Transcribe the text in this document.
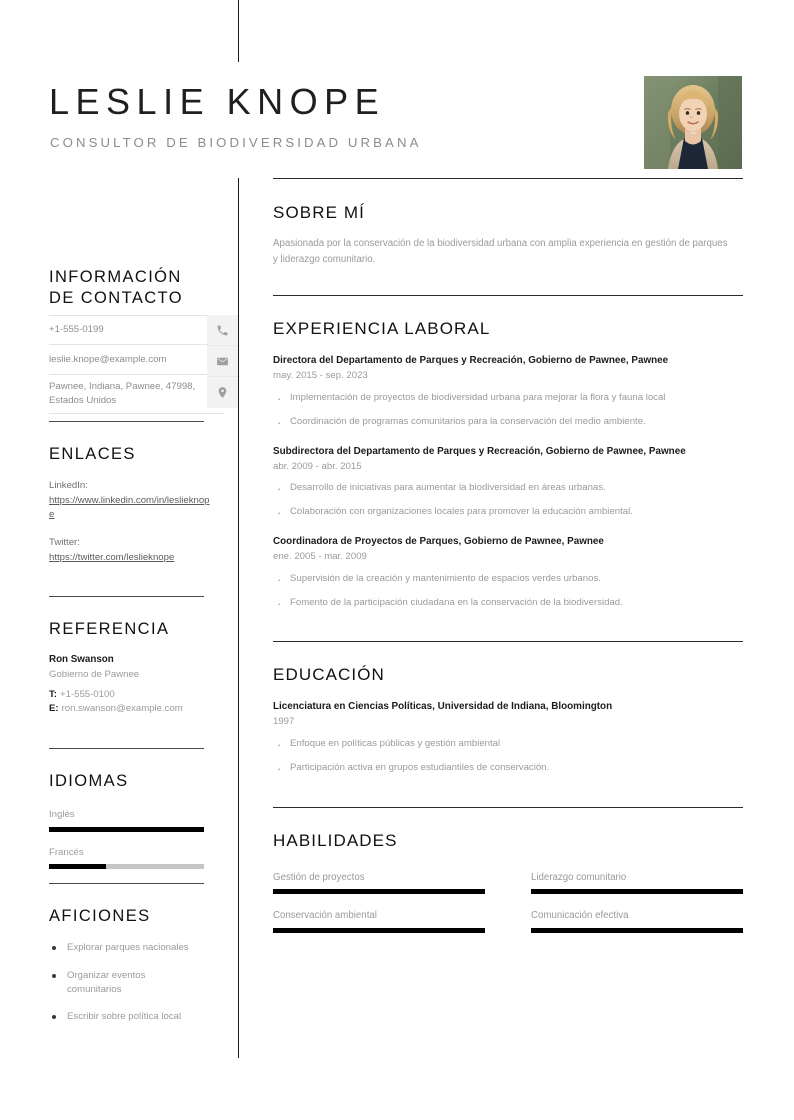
LESLIE KNOPE
CONSULTOR DE BIODIVERSIDAD URBANA
INFORMACIÓN
DE CONTACTO
+1-555-0199
leslie.knope@example.com
Pawnee, Indiana, Pawnee, 47998, Estados Unidos
ENLACES
LinkedIn:
https://www.linkedin.com/in/leslieknope
Twitter:
https://twitter.com/leslieknope
REFERENCIA
Ron Swanson
Gobierno de Pawnee
T: +1-555-0100
E: ron.swanson@example.com
IDIOMAS
Inglés
Francés
AFICIONES
Explorar parques nacionales
Organizar eventos comunitarios
Escribir sobre política local
SOBRE MÍ
Apasionada por la conservación de la biodiversidad urbana con amplia experiencia en gestión de parques y liderazgo comunitario.
EXPERIENCIA LABORAL
Directora del Departamento de Parques y Recreación, Gobierno de Pawnee, Pawnee
may. 2015 - sep. 2023
· Implementación de proyectos de biodiversidad urbana para mejorar la flora y fauna local
· Coordinación de programas comunitarios para la conservación del medio ambiente.
Subdirectora del Departamento de Parques y Recreación, Gobierno de Pawnee, Pawnee
abr. 2009 - abr. 2015
· Desarrollo de iniciativas para aumentar la biodiversidad en áreas urbanas.
· Colaboración con organizaciones locales para promover la educación ambiental.
Coordinadora de Proyectos de Parques, Gobierno de Pawnee, Pawnee
ene. 2005 - mar. 2009
· Supervisión de la creación y mantenimiento de espacios verdes urbanos.
· Fomento de la participación ciudadana en la conservación de la biodiversidad.
EDUCACIÓN
Licenciatura en Ciencias Políticas, Universidad de Indiana, Bloomington
1997
· Enfoque en políticas públicas y gestión ambiental
· Participación activa en grupos estudiantiles de conservación.
HABILIDADES
Gestión de proyectos	Liderazgo comunitario
Conservación ambiental	Comunicación efectiva
